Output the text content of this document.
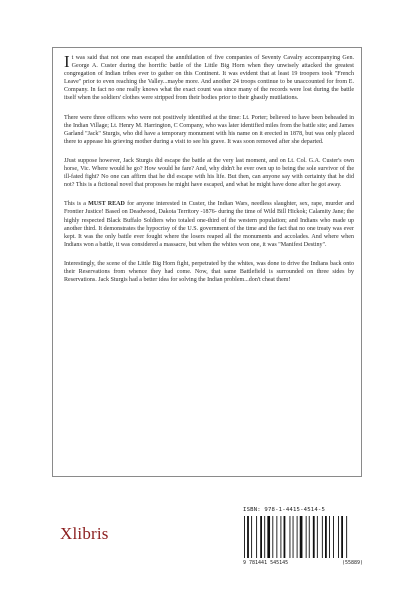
It was said that not one man escaped the annihilation of five companies of Seventy Cavalry accompanying Gen. George A. Custer during the horrific battle of the Little Big Horn when they unwisely attacked the greatest congregation of Indian tribes ever to gather on this Continent. It was evident that at least 19 troopers took "French Leave" prior to even reaching the Valley...maybe more. And another 24 troops continue to be unaccounted for from E. Company. In fact no one really knows what the exact count was since many of the records were lost during the battle itself when the soldiers' clothes were stripped from their bodies prior to their ghastly mutilations.

There were three officers who were not positively identified at the time: Lt. Porter; believed to have been beheaded in the Indian Village; Lt. Henry M. Harrington, C Company, who was later identified miles from the battle site; and James Garland "Jack" Sturgis, who did have a temporary monument with his name on it erected in 1878, but was only placed there to appease his grieving mother during a visit to see his grave. It was soon removed after she departed.

JJust suppose however, Jack Sturgis did escape the battle at the very last moment, and on Lt. Col. G.A. Custer's own horse, Vic. Where would he go? How would he fare? And, why didn't he ever own up to being the sole survivor of the ill-fated fight? No one can affirm that he did escape with his life. But then, can anyone say with certainty that he did not? This is a fictional novel that proposes he might have escaped, and what he might have done after he got away.

This is a MUST READ for anyone interested in Custer, the Indian Wars, needless slaughter, sex, rape, murder and Frontier Justice! Based on Deadwood, Dakota Territory -1876- during the time of Wild Bill Hickok; Calamity Jane; the highly respected Black Buffalo Soldiers who totaled one-third of the western population; and Indians who made up another third. It demonstrates the hypocrisy of the U.S. government of the time and the fact that no one treaty was ever kept. It was the only battle ever fought where the losers reaped all the monuments and accolades. And where when Indians won a battle, it was considered a massacre, but when the whites won one, it was "Manifest Destiny".

Interestingly, the scene of the Little Big Horn fight, perpetrated by the whites, was done to drive the Indians back onto their Reservations from whence they had come. Now, that same Battlefield is surrounded on three sides by Reservations. Jack Sturgis had a better idea for solving the Indian problem...don't cheat them!

Xlibris
ISBN: 978-1-4415-4514-5
9 781441 545145	(55889)
